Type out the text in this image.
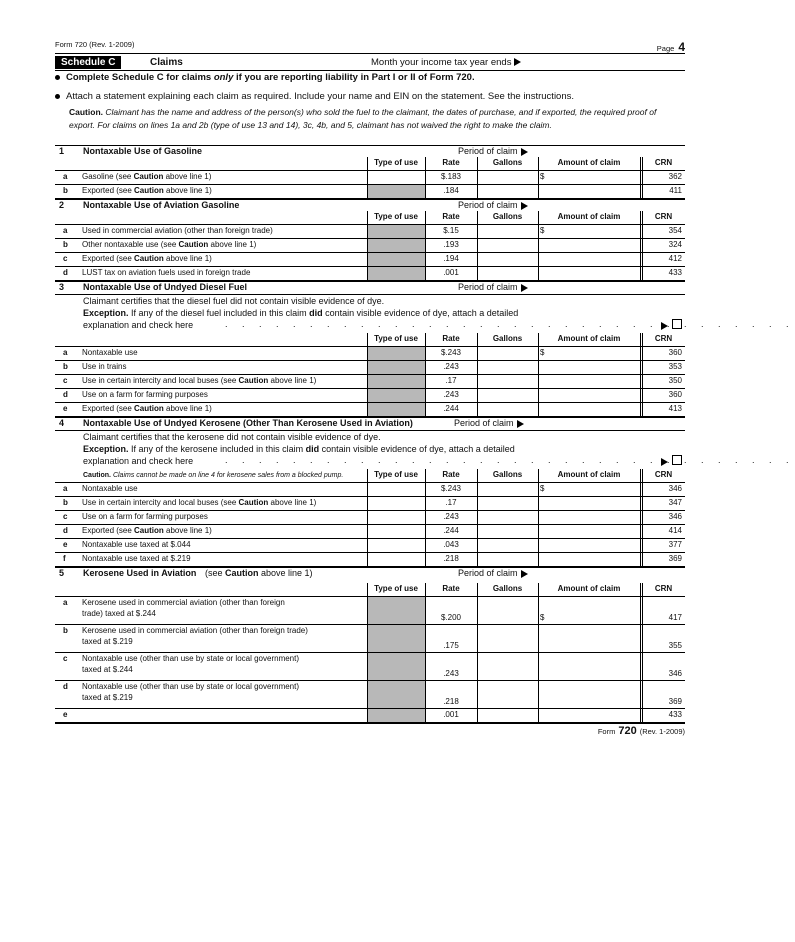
Form 720 (Rev. 1-2009)	Page 4
Schedule C	Claims	Month your income tax year ends
Complete Schedule C for claims only if you are reporting liability in Part I or II of Form 720.
Attach a statement explaining each claim as required. Include your name and EIN on the statement. See the instructions.
Caution. Claimant has the name and address of the person(s) who sold the fuel to the claimant, the dates of purchase, and if exported, the required proof of export. For claims on lines 1a and 2b (type of use 13 and 14), 3c, 4b, and 5, claimant has not waived the right to make the claim.
1 Nontaxable Use of Gasoline	Period of claim
Type of use	Rate	Gallons	Amount of claim	CRN
a Gasoline (see Caution above line 1)	$.183	$	362
b Exported (see Caution above line 1)	.184	411
2 Nontaxable Use of Aviation Gasoline	Period of claim
Type of use	Rate	Gallons	Amount of claim	CRN
a Used in commercial aviation (other than foreign trade)	$.15	$	354
b Other nontaxable use (see Caution above line 1)	.193	324
c Exported (see Caution above line 1)	.194	412
d LUST tax on aviation fuels used in foreign trade	.001	433
3 Nontaxable Use of Undyed Diesel Fuel	Period of claim
Claimant certifies that the diesel fuel did not contain visible evidence of dye.
Exception. If any of the diesel fuel included in this claim did contain visible evidence of dye, attach a detailed
explanation and check here	. . . . . . . . . . . . . . . . . . . . . . . . . . . . . . . . . .
Type of use	Rate	Gallons	Amount of claim	CRN
a Nontaxable use	$.243	$	360
b Use in trains	.243	353
c Use in certain intercity and local buses (see Caution above line 1)	.17	350
d Use on a farm for farming purposes	.243	360
e Exported (see Caution above line 1)	.244	413
4 Nontaxable Use of Undyed Kerosene (Other Than Kerosene Used in Aviation)	Period of claim
Claimant certifies that the kerosene did not contain visible evidence of dye.
Exception. If any of the kerosene included in this claim did contain visible evidence of dye, attach a detailed
explanation and check here	. . . . . . . . . . . . . . . . . . . . . . . . . . . . . . . . . .
Caution. Claims cannot be made on line 4 for kerosene sales from a blocked pump.	Type of use	Rate	Gallons	Amount of claim	CRN
a Nontaxable use	$.243	$	346
b Use in certain intercity and local buses (see Caution above line 1)	.17	347
c Use on a farm for farming purposes	.243	346
d Exported (see Caution above line 1)	.244	414
e Nontaxable use taxed at $.044	.043	377
f Nontaxable use taxed at $.219	.218	369
5 Kerosene Used in Aviation (see Caution above line 1)	Period of claim
Type of use	Rate	Gallons	Amount of claim	CRN
a Kerosene used in commercial aviation (other than foreign
trade) taxed at $.244	$.200	$	417
b Kerosene used in commercial aviation (other than foreign trade)
taxed at $.219	.175	355
c Nontaxable use (other than use by state or local government)
taxed at $.244	.243	346
d Nontaxable use (other than use by state or local government)
taxed at $.219	.218	369
e	.001	433
Form 720 (Rev. 1-2009)
